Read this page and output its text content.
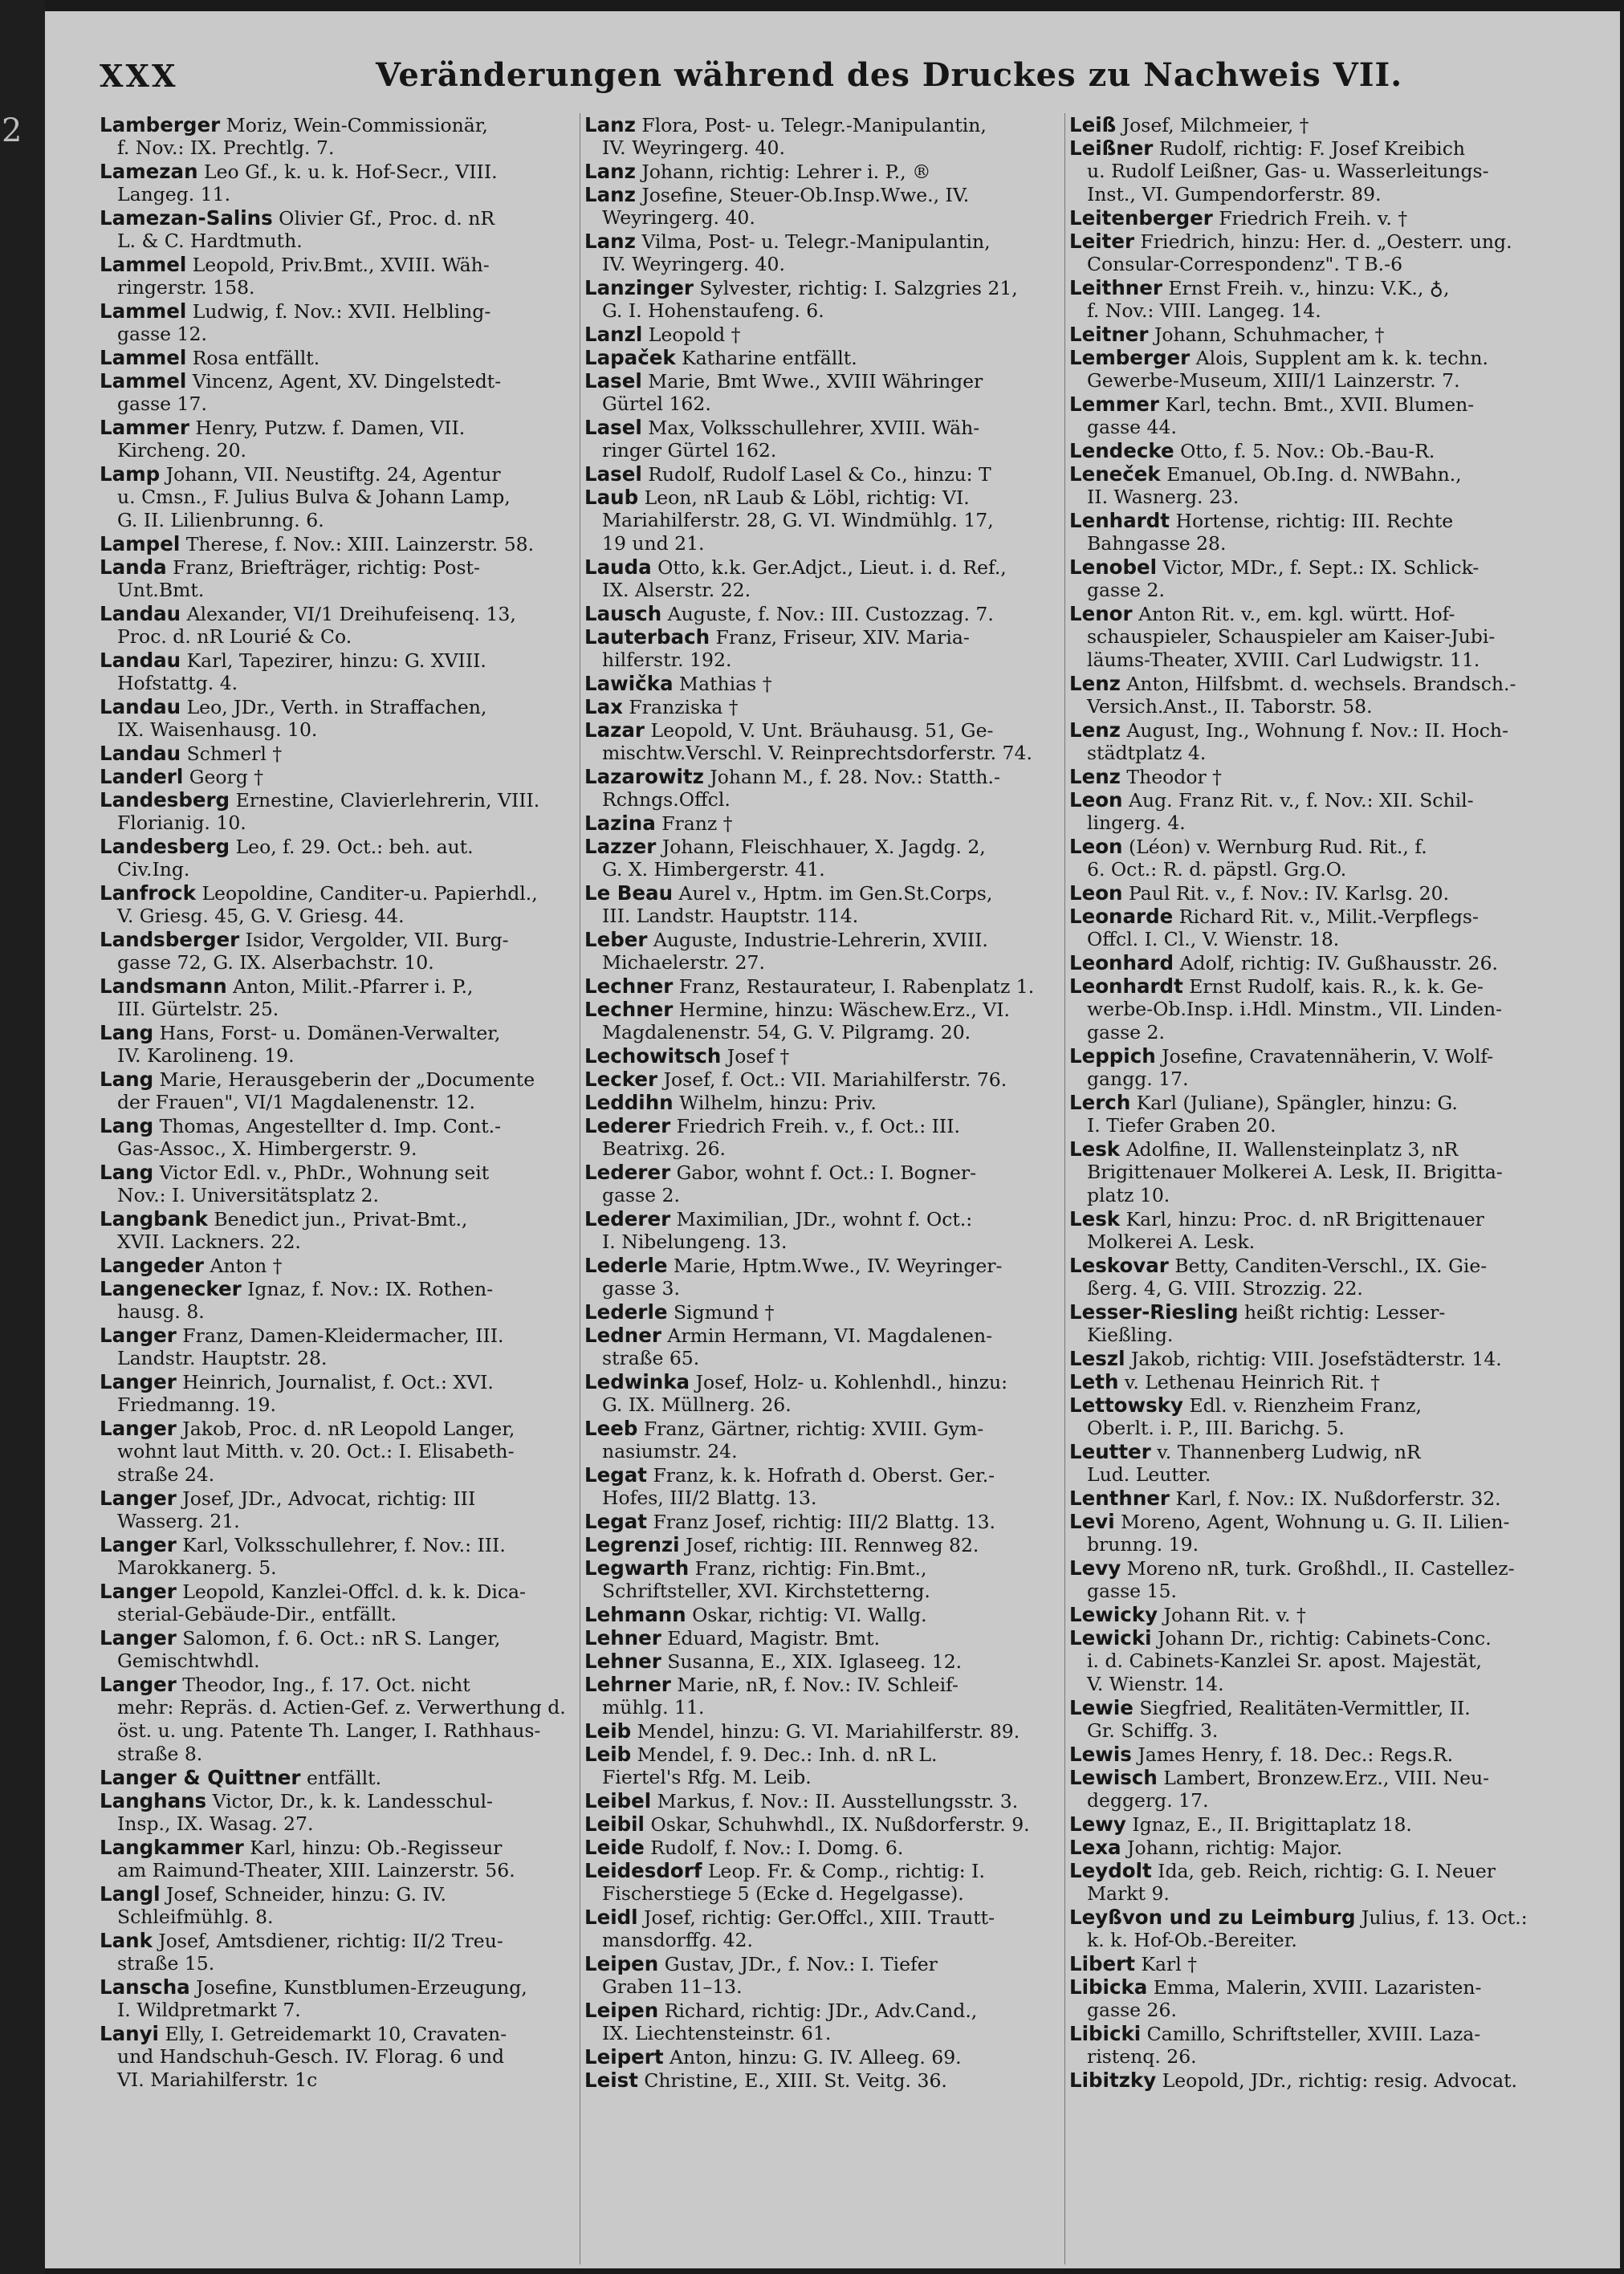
2
XXX	Veränderungen während des Druckes zu Nachweis VII.
Lamberger Moriz, Wein-Commissionär,
f. Nov.: IX. Prechtlg. 7.
Lamezan Leo Gf., k. u. k. Hof-Secr., VIII.
Langeg. 11.
Lamezan-Salins Olivier Gf., Proc. d. nR
L. & C. Hardtmuth.
Lammel Leopold, Priv.Bmt., XVIII. Wäh-
ringerstr. 158.
Lammel Ludwig, f. Nov.: XVII. Helbling-
gasse 12.
Lammel Rosa entfällt.
Lammel Vincenz, Agent, XV. Dingelstedt-
gasse 17.
Lammer Henry, Putzw. f. Damen, VII.
Kircheng. 20.
Lamp Johann, VII. Neustiftg. 24, Agentur
u. Cmsn., F. Julius Bulva & Johann Lamp,
G. II. Lilienbrunng. 6.
Lampel Therese, f. Nov.: XIII. Lainzerstr. 58.
Landa Franz, Briefträger, richtig: Post-
Unt.Bmt.
Landau Alexander, VI/1 Dreihufeisenq. 13,
Proc. d. nR Lourié & Co.
Landau Karl, Tapezirer, hinzu: G. XVIII.
Hofstattg. 4.
Landau Leo, JDr., Verth. in Straffachen,
IX. Waisenhausg. 10.
Landau Schmerl †
Landerl Georg †
Landesberg Ernestine, Clavierlehrerin, VIII.
Florianig. 10.
Landesberg Leo, f. 29. Oct.: beh. aut.
Civ.Ing.
Lanfrock Leopoldine, Canditer-u. Papierhdl.,
V. Griesg. 45, G. V. Griesg. 44.
Landsberger Isidor, Vergolder, VII. Burg-
gasse 72, G. IX. Alserbachstr. 10.
Landsmann Anton, Milit.-Pfarrer i. P.,
III. Gürtelstr. 25.
Lang Hans, Forst- u. Domänen-Verwalter,
IV. Karolineng. 19.
Lang Marie, Herausgeberin der „Documente
der Frauen", VI/1 Magdalenenstr. 12.
Lang Thomas, Angestellter d. Imp. Cont.-
Gas-Assoc., X. Himbergerstr. 9.
Lang Victor Edl. v., PhDr., Wohnung seit
Nov.: I. Universitätsplatz 2.
Langbank Benedict jun., Privat-Bmt.,
XVII. Lackners. 22.
Langeder Anton †
Langenecker Ignaz, f. Nov.: IX. Rothen-
hausg. 8.
Langer Franz, Damen-Kleidermacher, III.
Landstr. Hauptstr. 28.
Langer Heinrich, Journalist, f. Oct.: XVI.
Friedmanng. 19.
Langer Jakob, Proc. d. nR Leopold Langer,
wohnt laut Mitth. v. 20. Oct.: I. Elisabeth-
straße 24.
Langer Josef, JDr., Advocat, richtig: III
Wasserg. 21.
Langer Karl, Volksschullehrer, f. Nov.: III.
Marokkanerg. 5.
Langer Leopold, Kanzlei-Offcl. d. k. k. Dica-
sterial-Gebäude-Dir., entfällt.
Langer Salomon, f. 6. Oct.: nR S. Langer,
Gemischtwhdl.
Langer Theodor, Ing., f. 17. Oct. nicht
mehr: Repräs. d. Actien-Gef. z. Verwerthung d.
öst. u. ung. Patente Th. Langer, I. Rathhaus-
straße 8.
Langer & Quittner entfällt.
Langhans Victor, Dr., k. k. Landesschul-
Insp., IX. Wasag. 27.
Langkammer Karl, hinzu: Ob.-Regisseur
am Raimund-Theater, XIII. Lainzerstr. 56.
Langl Josef, Schneider, hinzu: G. IV.
Schleifmühlg. 8.
Lank Josef, Amtsdiener, richtig: II/2 Treu-
straße 15.
Lanscha Josefine, Kunstblumen-Erzeugung,
I. Wildpretmarkt 7.
Lanyi Elly, I. Getreidemarkt 10, Cravaten-
und Handschuh-Gesch. IV. Florag. 6 und
VI. Mariahilferstr. 1c
Lanz Flora, Post- u. Telegr.-Manipulantin,
IV. Weyringerg. 40.
Lanz Johann, richtig: Lehrer i. P., ®
Lanz Josefine, Steuer-Ob.Insp.Wwe., IV.
Weyringerg. 40.
Lanz Vilma, Post- u. Telegr.-Manipulantin,
IV. Weyringerg. 40.
Lanzinger Sylvester, richtig: I. Salzgries 21,
G. I. Hohenstaufeng. 6.
Lanzl Leopold †
Lapaček Katharine entfällt.
Lasel Marie, Bmt Wwe., XVIII Währinger
Gürtel 162.
Lasel Max, Volksschullehrer, XVIII. Wäh-
ringer Gürtel 162.
Lasel Rudolf, Rudolf Lasel & Co., hinzu: T
Laub Leon, nR Laub & Löbl, richtig: VI.
Mariahilferstr. 28, G. VI. Windmühlg. 17,
19 und 21.
Lauda Otto, k.k. Ger.Adjct., Lieut. i. d. Ref.,
IX. Alserstr. 22.
Lausch Auguste, f. Nov.: III. Custozzag. 7.
Lauterbach Franz, Friseur, XIV. Maria-
hilferstr. 192.
Lawička Mathias †
Lax Franziska †
Lazar Leopold, V. Unt. Bräuhausg. 51, Ge-
mischtw.Verschl. V. Reinprechtsdorferstr. 74.
Lazarowitz Johann M., f. 28. Nov.: Statth.-
Rchngs.Offcl.
Lazina Franz †
Lazzer Johann, Fleischhauer, X. Jagdg. 2,
G. X. Himbergerstr. 41.
Le Beau Aurel v., Hptm. im Gen.St.Corps,
III. Landstr. Hauptstr. 114.
Leber Auguste, Industrie-Lehrerin, XVIII.
Michaelerstr. 27.
Lechner Franz, Restaurateur, I. Rabenplatz 1.
Lechner Hermine, hinzu: Wäschew.Erz., VI.
Magdalenenstr. 54, G. V. Pilgramg. 20.
Lechowitsch Josef †
Lecker Josef, f. Oct.: VII. Mariahilferstr. 76.
Leddihn Wilhelm, hinzu: Priv.
Lederer Friedrich Freih. v., f. Oct.: III.
Beatrixg. 26.
Lederer Gabor, wohnt f. Oct.: I. Bogner-
gasse 2.
Lederer Maximilian, JDr., wohnt f. Oct.:
I. Nibelungeng. 13.
Lederle Marie, Hptm.Wwe., IV. Weyringer-
gasse 3.
Lederle Sigmund †
Ledner Armin Hermann, VI. Magdalenen-
straße 65.
Ledwinka Josef, Holz- u. Kohlenhdl., hinzu:
G. IX. Müllnerg. 26.
Leeb Franz, Gärtner, richtig: XVIII. Gym-
nasiumstr. 24.
Legat Franz, k. k. Hofrath d. Oberst. Ger.-
Hofes, III/2 Blattg. 13.
Legat Franz Josef, richtig: III/2 Blattg. 13.
Legrenzi Josef, richtig: III. Rennweg 82.
Legwarth Franz, richtig: Fin.Bmt.,
Schriftsteller, XVI. Kirchstetterng.
Lehmann Oskar, richtig: VI. Wallg.
Lehner Eduard, Magistr. Bmt.
Lehner Susanna, E., XIX. Iglaseeg. 12.
Lehrner Marie, nR, f. Nov.: IV. Schleif-
mühlg. 11.
Leib Mendel, hinzu: G. VI. Mariahilferstr. 89.
Leib Mendel, f. 9. Dec.: Inh. d. nR L.
Fiertel's Rfg. M. Leib.
Leibel Markus, f. Nov.: II. Ausstellungsstr. 3.
Leibil Oskar, Schuhwhdl., IX. Nußdorferstr. 9.
Leide Rudolf, f. Nov.: I. Domg. 6.
Leidesdorf Leop. Fr. & Comp., richtig: I.
Fischerstiege 5 (Ecke d. Hegelgasse).
Leidl Josef, richtig: Ger.Offcl., XIII. Trautt-
mansdorffg. 42.
Leipen Gustav, JDr., f. Nov.: I. Tiefer
Graben 11–13.
Leipen Richard, richtig: JDr., Adv.Cand.,
IX. Liechtensteinstr. 61.
Leipert Anton, hinzu: G. IV. Alleeg. 69.
Leist Christine, E., XIII. St. Veitg. 36.
Leiß Josef, Milchmeier, †
Leißner Rudolf, richtig: F. Josef Kreibich
u. Rudolf Leißner, Gas- u. Wasserleitungs-
Inst., VI. Gumpendorferstr. 89.
Leitenberger Friedrich Freih. v. †
Leiter Friedrich, hinzu: Her. d. „Oesterr. ung.
Consular-Correspondenz". T B.-6
Leithner Ernst Freih. v., hinzu: V.K., ♁,
f. Nov.: VIII. Langeg. 14.
Leitner Johann, Schuhmacher, †
Lemberger Alois, Supplent am k. k. techn.
Gewerbe-Museum, XIII/1 Lainzerstr. 7.
Lemmer Karl, techn. Bmt., XVII. Blumen-
gasse 44.
Lendecke Otto, f. 5. Nov.: Ob.-Bau-R.
Leneček Emanuel, Ob.Ing. d. NWBahn.,
II. Wasnerg. 23.
Lenhardt Hortense, richtig: III. Rechte
Bahngasse 28.
Lenobel Victor, MDr., f. Sept.: IX. Schlick-
gasse 2.
Lenor Anton Rit. v., em. kgl. württ. Hof-
schauspieler, Schauspieler am Kaiser-Jubi-
läums-Theater, XVIII. Carl Ludwigstr. 11.
Lenz Anton, Hilfsbmt. d. wechsels. Brandsch.-
Versich.Anst., II. Taborstr. 58.
Lenz August, Ing., Wohnung f. Nov.: II. Hoch-
städtplatz 4.
Lenz Theodor †
Leon Aug. Franz Rit. v., f. Nov.: XII. Schil-
lingerg. 4.
Leon (Léon) v. Wernburg Rud. Rit., f.
6. Oct.: R. d. päpstl. Grg.O.
Leon Paul Rit. v., f. Nov.: IV. Karlsg. 20.
Leonarde Richard Rit. v., Milit.-Verpflegs-
Offcl. I. Cl., V. Wienstr. 18.
Leonhard Adolf, richtig: IV. Gußhausstr. 26.
Leonhardt Ernst Rudolf, kais. R., k. k. Ge-
werbe-Ob.Insp. i.Hdl. Minstm., VII. Linden-
gasse 2.
Leppich Josefine, Cravatennäherin, V. Wolf-
gangg. 17.
Lerch Karl (Juliane), Spängler, hinzu: G.
I. Tiefer Graben 20.
Lesk Adolfine, II. Wallensteinplatz 3, nR
Brigittenauer Molkerei A. Lesk, II. Brigitta-
platz 10.
Lesk Karl, hinzu: Proc. d. nR Brigittenauer
Molkerei A. Lesk.
Leskovar Betty, Canditen-Verschl., IX. Gie-
ßerg. 4, G. VIII. Strozzig. 22.
Lesser-Riesling heißt richtig: Lesser-
Kießling.
Leszl Jakob, richtig: VIII. Josefstädterstr. 14.
Leth v. Lethenau Heinrich Rit. †
Lettowsky Edl. v. Rienzheim Franz,
Oberlt. i. P., III. Barichg. 5.
Leutter v. Thannenberg Ludwig, nR
Lud. Leutter.
Lenthner Karl, f. Nov.: IX. Nußdorferstr. 32.
Levi Moreno, Agent, Wohnung u. G. II. Lilien-
brunng. 19.
Levy Moreno nR, turk. Großhdl., II. Castellez-
gasse 15.
Lewicky Johann Rit. v. †
Lewicki Johann Dr., richtig: Cabinets-Conc.
i. d. Cabinets-Kanzlei Sr. apost. Majestät,
V. Wienstr. 14.
Lewie Siegfried, Realitäten-Vermittler, II.
Gr. Schiffg. 3.
Lewis James Henry, f. 18. Dec.: Regs.R.
Lewisch Lambert, Bronzew.Erz., VIII. Neu-
deggerg. 17.
Lewy Ignaz, E., II. Brigittaplatz 18.
Lexa Johann, richtig: Major.
Leydolt Ida, geb. Reich, richtig: G. I. Neuer
Markt 9.
Leyßvon und zu Leimburg Julius, f. 13. Oct.:
k. k. Hof-Ob.-Bereiter.
Libert Karl †
Libicka Emma, Malerin, XVIII. Lazaristen-
gasse 26.
Libicki Camillo, Schriftsteller, XVIII. Laza-
ristenq. 26.
Libitzky Leopold, JDr., richtig: resig. Advocat.
